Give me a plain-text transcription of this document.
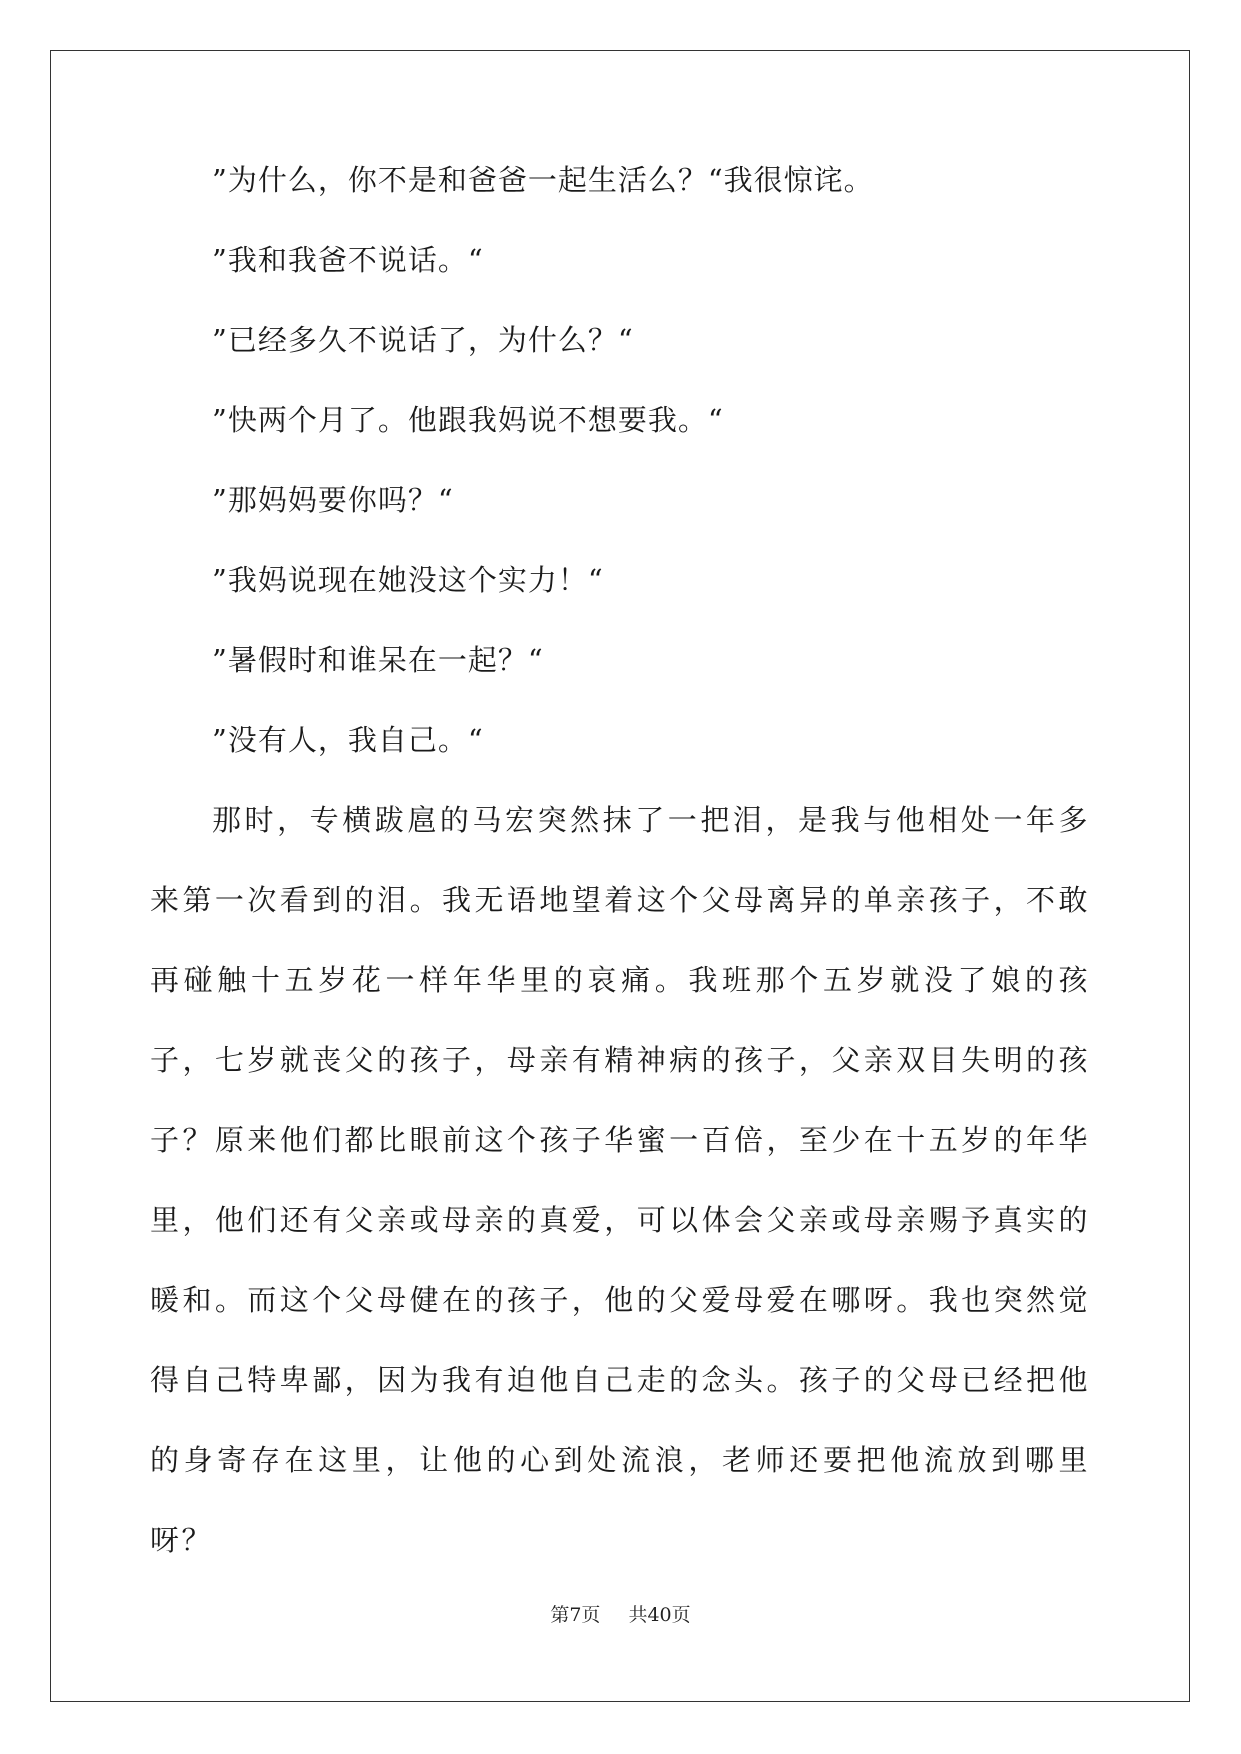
”为什么，你不是和爸爸一起生活么？“我很惊诧。
”我和我爸不说话。“
”已经多久不说话了，为什么？“
”快两个月了。他跟我妈说不想要我。“
”那妈妈要你吗？“
”我妈说现在她没这个实力！“
”暑假时和谁呆在一起？“
”没有人，我自己。“

那时，专横跋扈的马宏突然抹了一把泪，是我与他相处一年多来第一次看到的泪。我无语地望着这个父母离异的单亲孩子，不敢再碰触十五岁花一样年华里的哀痛。我班那个五岁就没了娘的孩子，七岁就丧父的孩子，母亲有精神病的孩子，父亲双目失明的孩子？原来他们都比眼前这个孩子华蜜一百倍，至少在十五岁的年华里，他们还有父亲或母亲的真爱，可以体会父亲或母亲赐予真实的暖和。而这个父母健在的孩子，他的父爱母爱在哪呀。我也突然觉得自己特卑鄙，因为我有迫他自己走的念头。孩子的父母已经把他的身寄存在这里，让他的心到处流浪，老师还要把他流放到哪里呀？

第7页 共40页
